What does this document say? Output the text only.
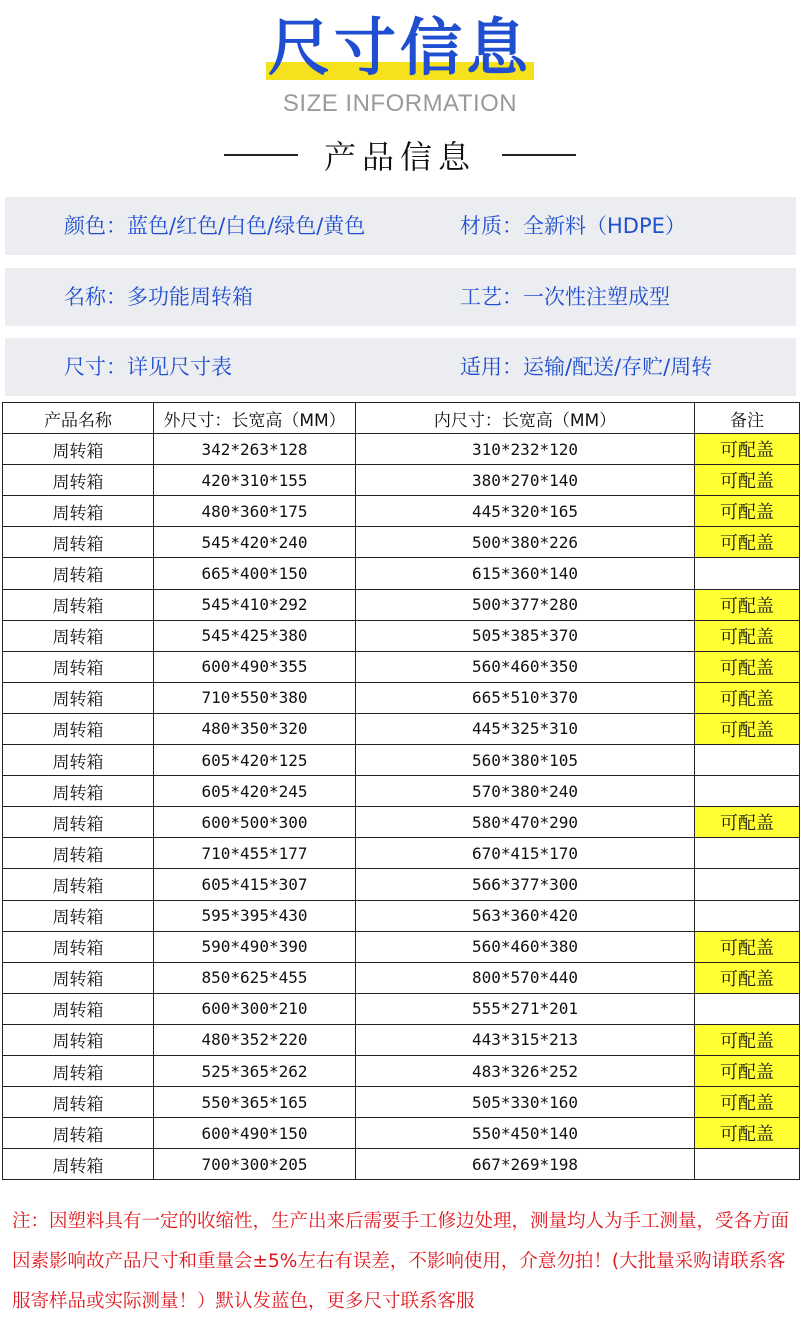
尺寸信息
SIZE INFORMATION
产品信息
颜色：蓝色/红色/白色/绿色/黄色	材质：全新料（HDPE）
名称：多功能周转箱	工艺：一次性注塑成型
尺寸：详见尺寸表	适用：运输/配送/存贮/周转
产品名称	外尺寸：长宽高（MM）	内尺寸：长宽高（MM）	备注
周转箱	342*263*128	310*232*120	可配盖
周转箱	420*310*155	380*270*140	可配盖
周转箱	480*360*175	445*320*165	可配盖
周转箱	545*420*240	500*380*226	可配盖
周转箱	665*400*150	615*360*140	
周转箱	545*410*292	500*377*280	可配盖
周转箱	545*425*380	505*385*370	可配盖
周转箱	600*490*355	560*460*350	可配盖
周转箱	710*550*380	665*510*370	可配盖
周转箱	480*350*320	445*325*310	可配盖
周转箱	605*420*125	560*380*105	
周转箱	605*420*245	570*380*240	
周转箱	600*500*300	580*470*290	可配盖
周转箱	710*455*177	670*415*170	
周转箱	605*415*307	566*377*300	
周转箱	595*395*430	563*360*420	
周转箱	590*490*390	560*460*380	可配盖
周转箱	850*625*455	800*570*440	可配盖
周转箱	600*300*210	555*271*201	
周转箱	480*352*220	443*315*213	可配盖
周转箱	525*365*262	483*326*252	可配盖
周转箱	550*365*165	505*330*160	可配盖
周转箱	600*490*150	550*450*140	可配盖
周转箱	700*300*205	667*269*198	
注：因塑料具有一定的收缩性，生产出来后需要手工修边处理，测量均人为手工测量，受各方面因素影响故产品尺寸和重量会±5%左右有误差，不影响使用，介意勿拍！(大批量采购请联系客服寄样品或实际测量！）默认发蓝色，更多尺寸联系客服
